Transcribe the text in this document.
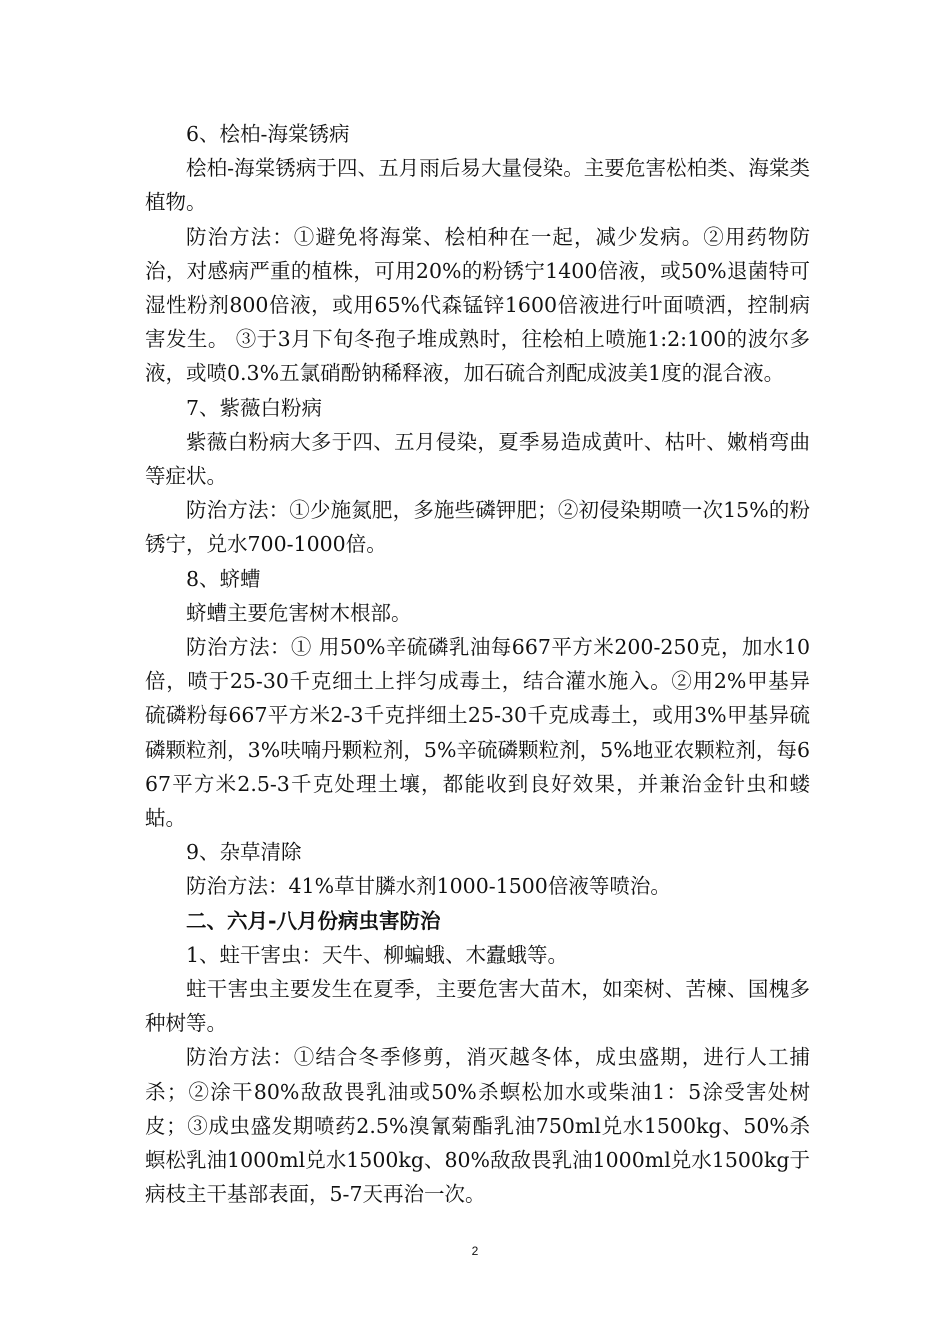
6、桧柏-海棠锈病

桧柏-海棠锈病于四、五月雨后易大量侵染。主要危害松柏类、海棠类植物。

防治方法：①避免将海棠、桧柏种在一起，减少发病。②用药物防治，对感病严重的植株，可用20%的粉锈宁1400倍液，或50%退菌特可湿性粉剂800倍液，或用65%代森锰锌1600倍液进行叶面喷洒，控制病害发生。 ③于3月下旬冬孢子堆成熟时，往桧柏上喷施1:2:100的波尔多液，或喷0.3%五氯硝酚钠稀释液，加石硫合剂配成波美1度的混合液。

7、紫薇白粉病

紫薇白粉病大多于四、五月侵染，夏季易造成黄叶、枯叶、嫩梢弯曲等症状。

防治方法：①少施氮肥，多施些磷钾肥；②初侵染期喷一次15%的粉锈宁，兑水700-1000倍。

8、蛴螬

蛴螬主要危害树木根部。

防治方法：① 用50%辛硫磷乳油每667平方米200-250克，加水10倍，喷于25-30千克细土上拌匀成毒土，结合灌水施入。②用2%甲基异硫磷粉每667平方米2-3千克拌细土25-30千克成毒土，或用3%甲基异硫磷颗粒剂，3%呋喃丹颗粒剂，5%辛硫磷颗粒剂，5%地亚农颗粒剂，每667平方米2.5-3千克处理土壤，都能收到良好效果，并兼治金针虫和蝼蛄。

9、杂草清除

防治方法：41%草甘膦水剂1000-1500倍液等喷治。

二、六月-八月份病虫害防治

1、蛀干害虫：天牛、柳蝙蛾、木蠹蛾等。

蛀干害虫主要发生在夏季，主要危害大苗木，如栾树、苦楝、国槐多种树等。

防治方法：①结合冬季修剪，消灭越冬体，成虫盛期，进行人工捕杀；②涂干80%敌敌畏乳油或50%杀螟松加水或柴油1：5涂受害处树皮；③成虫盛发期喷药2.5%溴氰菊酯乳油750ml兑水1500kg、50%杀螟松乳油1000ml兑水1500kg、80%敌敌畏乳油1000ml兑水1500kg于病枝主干基部表面，5-7天再治一次。

2
